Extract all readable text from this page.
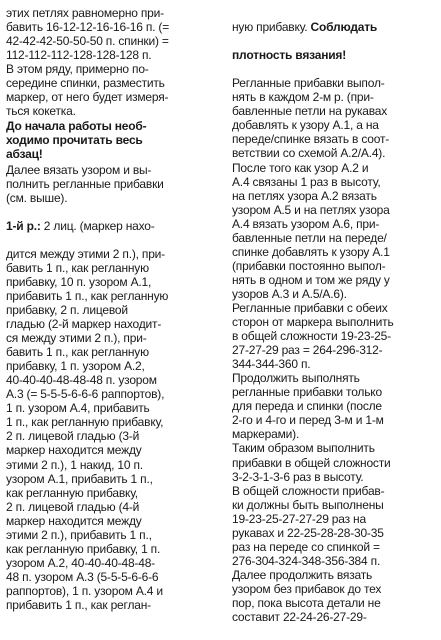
этих петлях равномерно при-
бавить 16-12-12-16-16-16 п. (=
42-42-42-50-50-50 п. спинки) =
112-112-112-128-128-128 п.
В этом ряду, примерно по-
середине спинки, разместить
маркер, от него будет измеря-
ться кокетка.

До начала работы необ-
ходимо прочитать весь
абзац!

Далее вязать узором и вы-
полнить регланные прибавки
(см. выше).

1-й р.: 2 лиц. (маркер нахо-

дится между этими 2 п.), при-
бавить 1 п., как регланную
прибавку, 10 п. узором А.1,
прибавить 1 п., как регланную
прибавку, 2 п. лицевой
гладью (2-й маркер находит-
ся между этими 2 п.), при-
бавить 1 п., как регланную
прибавку, 1 п. узором А.2,
40-40-40-48-48-48 п. узором
А.3 (= 5-5-5-6-6-6 раппортов),
1 п. узором А.4, прибавить
1 п., как регланную прибавку,
2 п. лицевой гладью (3-й
маркер находится между
этими 2 п.), 1 накид, 10 п.
узором А.1, прибавить 1 п.,
как регланную прибавку,
2 п. лицевой гладью (4-й
маркер находится между
этими 2 п.), прибавить 1 п.,
как регланную прибавку, 1 п.
узором А.2, 40-40-40-48-48-
48 п. узором А.3 (5-5-5-6-6-6
раппортов), 1 п. узором А.4 и
прибавить 1 п., как реглан-

ную прибавку. Соблюдать

плотность вязания!

Регланные прибавки выпол-
нять в каждом 2-м р. (при-
бавленные петли на рукавах
добавлять к узору А.1, а на
переде/спинке вязать в соот-
ветствии со схемой А.2/А.4).
После того как узор А.2 и
А.4 связаны 1 раз в высоту,
на петлях узора А.2 вязать
узором А.5 и на петлях узора
А.4 вязать узором А.6, при-
бавленные петли на переде/
спинке добавлять к узору А.1
(прибавки постоянно выпол-
нять в одном и том же ряду у
узоров А.3 и А.5/А.6).

Регланные прибавки с обеих
сторон от маркера выполнить
в общей сложности 19-23-25-
27-27-29 раз = 264-296-312-
344-344-360 п.

Продолжить выполнять
регланные прибавки только
для переда и спинки (после
2-го и 4-го и перед 3-м и 1-м
маркерами).

Таким образом выполнить
прибавки в общей сложности
3-2-3-1-3-6 раз в высоту.

В общей сложности прибав-
ки должны быть выполнены
19-23-25-27-27-29 раз на
рукавах и 22-25-28-28-30-35
раз на переде со спинкой =
276-304-324-348-356-384 п.

Далее продолжить вязать
узором без прибавок до тех
пор, пока высота детали не
составит 22-24-26-27-29-
